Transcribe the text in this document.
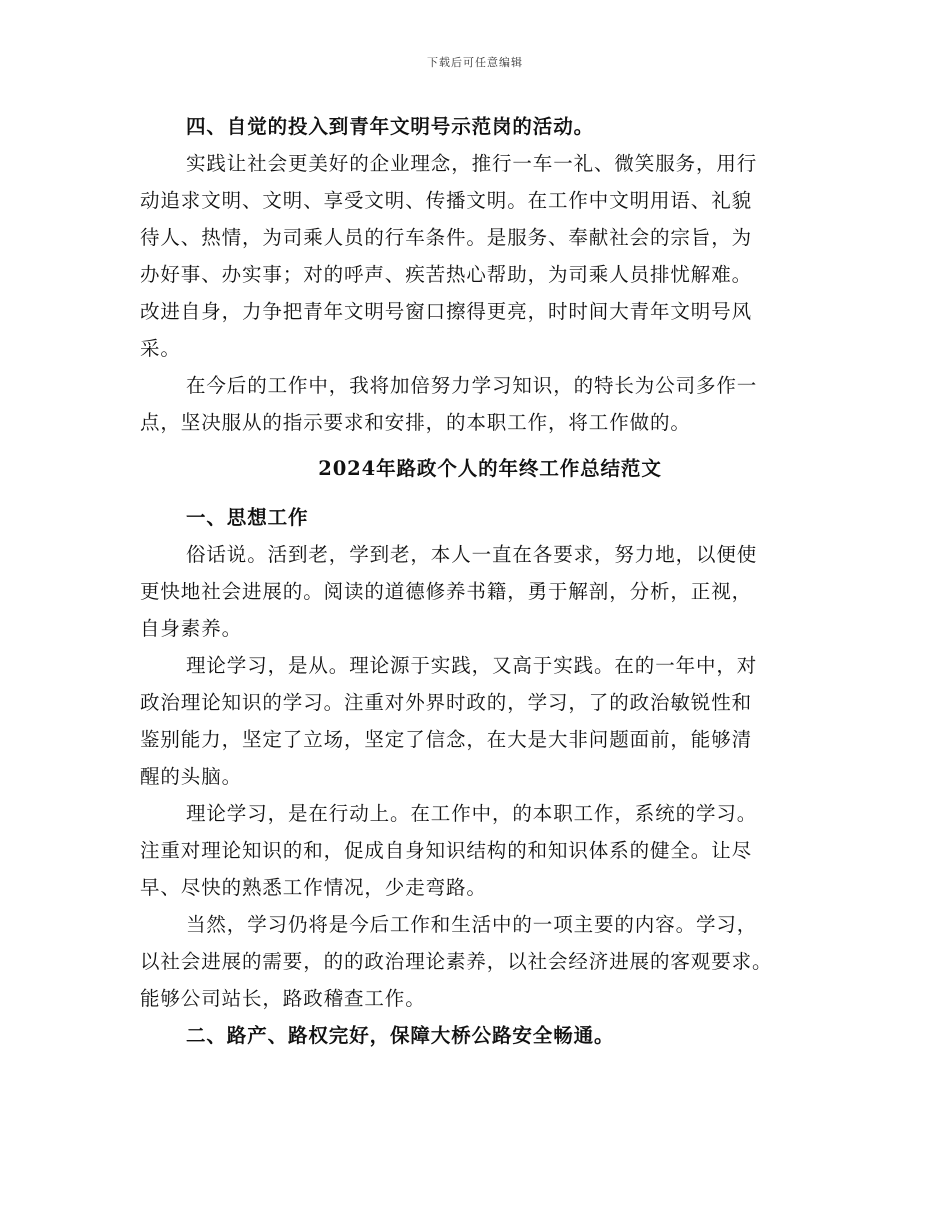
下载后可任意编辑
四、自觉的投入到青年文明号示范岗的活动。
实践让社会更美好的企业理念，推行一车一礼、微笑服务，用行
动追求文明、文明、享受文明、传播文明。在工作中文明用语、礼貌
待人、热情，为司乘人员的行车条件。是服务、奉献社会的宗旨，为
办好事、办实事；对的呼声、疾苦热心帮助，为司乘人员排忧解难。
改进自身，力争把青年文明号窗口擦得更亮，时时间大青年文明号风
采。
在今后的工作中，我将加倍努力学习知识，的特长为公司多作一
点，坚决服从的指示要求和安排，的本职工作，将工作做的。
2024年路政个人的年终工作总结范文
一、思想工作
俗话说。活到老，学到老，本人一直在各要求，努力地，以便使
更快地社会进展的。阅读的道德修养书籍，勇于解剖，分析，正视，
自身素养。
理论学习，是从。理论源于实践，又高于实践。在的一年中，对
政治理论知识的学习。注重对外界时政的，学习，了的政治敏锐性和
鉴别能力，坚定了立场，坚定了信念，在大是大非问题面前，能够清
醒的头脑。
理论学习，是在行动上。在工作中，的本职工作，系统的学习。
注重对理论知识的和，促成自身知识结构的和知识体系的健全。让尽
早、尽快的熟悉工作情况，少走弯路。
当然，学习仍将是今后工作和生活中的一项主要的内容。学习，
以社会进展的需要，的的政治理论素养，以社会经济进展的客观要求。
能够公司站长，路政稽查工作。
二、路产、路权完好，保障大桥公路安全畅通。
